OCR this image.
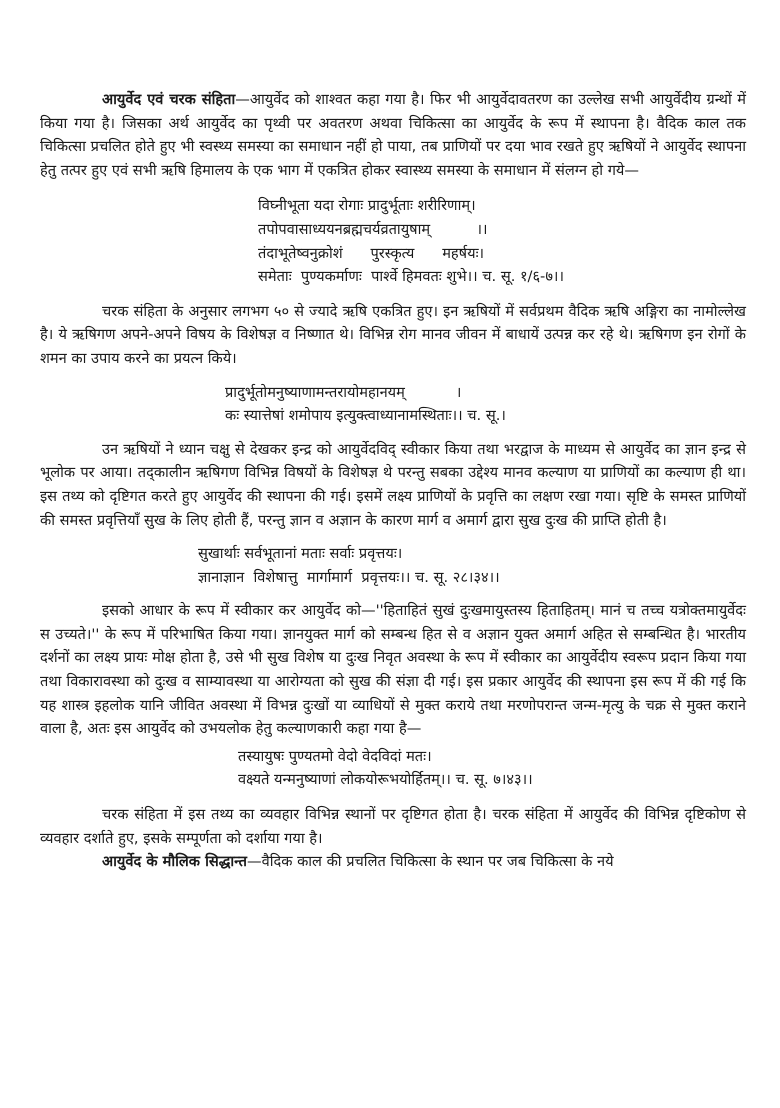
आयुर्वेद एवं चरक संहिता—आयुर्वेद को शाश्वत कहा गया है। फिर भी आयुर्वेदावतरण का उल्लेख सभी आयुर्वेदीय ग्रन्थों में किया गया है। जिसका अर्थ आयुर्वेद का पृथ्वी पर अवतरण अथवा चिकित्सा का आयुर्वेद के रूप में स्थापना है। वैदिक काल तक चिकित्सा प्रचलित होते हुए भी स्वस्थ्य समस्या का समाधान नहीं हो पाया, तब प्राणियों पर दया भाव रखते हुए ऋषियों ने आयुर्वेद स्थापना हेतु तत्पर हुए एवं सभी ऋषि हिमालय के एक भाग में एकत्रित होकर स्वास्थ्य समस्या के समाधान में संलग्न हो गये—

विघ्नीभूता यदा रोगाः प्रादुर्भूताः शरीरिणाम्।
तपोपवासाध्ययनब्रह्मचर्यव्रतायुषाम्          ।।
तंदाभूतेष्वनुक्रोशं      पुरस्कृत्य      महर्षयः।
समेताः  पुण्यकर्माणः  पार्श्वे हिमवतः शुभे।। च. सू. १/६-७।।

चरक संहिता के अनुसार लगभग ५० से ज्यादे ऋषि एकत्रित हुए। इन ऋषियों में सर्वप्रथम वैदिक ऋषि अङ्गिरा का नामोल्लेख है। ये ऋषिगण अपने-अपने विषय के विशेषज्ञ व निष्णात थे। विभिन्न रोग मानव जीवन में बाधायें उत्पन्न कर रहे थे। ऋषिगण इन रोगों के शमन का उपाय करने का प्रयत्न किये।

प्रादुर्भूतोमनुष्याणामन्तरायोमहानयम्           ।
कः स्यात्तेषां शमोपाय इत्युक्त्वाध्यानामस्थिताः।। च. सू.।

उन ऋषियों ने ध्यान चक्षु से देखकर इन्द्र को आयुर्वेदविद् स्वीकार किया तथा भरद्वाज के माध्यम से आयुर्वेद का ज्ञान इन्द्र से भूलोक पर आया। तद्कालीन ऋषिगण विभिन्न विषयों के विशेषज्ञ थे परन्तु सबका उद्देश्य मानव कल्याण या प्राणियों का कल्याण ही था। इस तथ्य को दृष्टिगत करते हुए आयुर्वेद की स्थापना की गई। इसमें लक्ष्य प्राणियों के प्रवृत्ति का लक्षण रखा गया। सृष्टि के समस्त प्राणियों की समस्त प्रवृत्तियाँ सुख के लिए होती हैं, परन्तु ज्ञान व अज्ञान के कारण मार्ग व अमार्ग द्वारा सुख दुःख की प्राप्ति होती है।

सुखार्थाः सर्वभूतानां मताः सर्वाः प्रवृत्तयः।
ज्ञानाज्ञान  विशेषात्तु  मार्गामार्ग  प्रवृत्तयः।। च. सू. २८।३४।।

इसको आधार के रूप में स्वीकार कर आयुर्वेद को—''हिताहितं सुखं दुःखमायुस्तस्य हिताहितम्। मानं च तच्च यत्रोक्तमायुर्वेदः स उच्यते।'' के रूप में परिभाषित किया गया। ज्ञानयुक्त मार्ग को सम्बन्ध हित से व अज्ञान युक्त अमार्ग अहित से सम्बन्धित है। भारतीय दर्शनों का लक्ष्य प्रायः मोक्ष होता है, उसे भी सुख विशेष या दुःख निवृत अवस्था के रूप में स्वीकार का आयुर्वेदीय स्वरूप प्रदान किया गया तथा विकारावस्था को दुःख व साम्यावस्था या आरोग्यता को सुख की संज्ञा दी गई। इस प्रकार आयुर्वेद की स्थापना इस रूप में की गई कि यह शास्त्र इहलोक यानि जीवित अवस्था में विभन्न दुःखों या व्याधियों से मुक्त कराये तथा मरणोपरान्त जन्म-मृत्यु के चक्र से मुक्त कराने वाला है, अतः इस आयुर्वेद को उभयलोक हेतु कल्याणकारी कहा गया है—

तस्यायुषः पुण्यतमो वेदो वेदविदां मतः।
वक्ष्यते यन्मनुष्याणां लोकयोरूभयोर्हितम्।। च. सू. ७।४३।।

चरक संहिता में इस तथ्य का व्यवहार विभिन्न स्थानों पर दृष्टिगत होता है। चरक संहिता में आयुर्वेद की विभिन्न दृष्टिकोण से व्यवहार दर्शाते हुए, इसके सम्पूर्णता को दर्शाया गया है।

आयुर्वेद के मौलिक सिद्धान्त—वैदिक काल की प्रचलित चिकित्सा के स्थान पर जब चिकित्सा के नये
